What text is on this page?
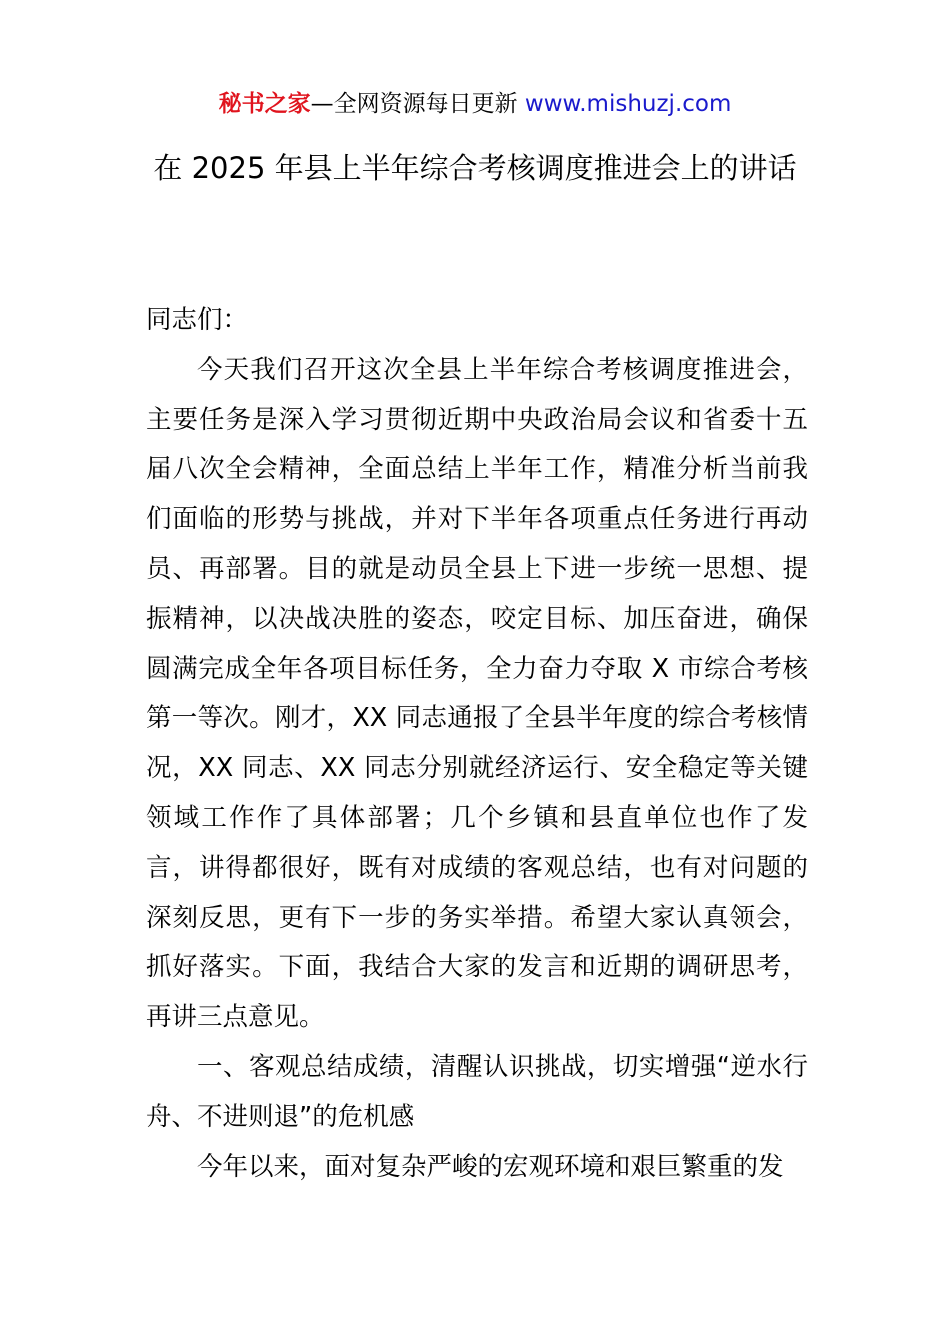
秘书之家—全网资源每日更新 www.mishuzj.com
在 2025 年县上半年综合考核调度推进会上的讲话

同志们：

今天我们召开这次全县上半年综合考核调度推进会，主要任务是深入学习贯彻近期中央政治局会议和省委十五届八次全会精神，全面总结上半年工作，精准分析当前我们面临的形势与挑战，并对下半年各项重点任务进行再动员、再部署。目的就是动员全县上下进一步统一思想、提振精神，以决战决胜的姿态，咬定目标、加压奋进，确保圆满完成全年各项目标任务，全力奋力夺取 X 市综合考核第一等次。刚才，XX 同志通报了全县半年度的综合考核情况，XX 同志、XX 同志分别就经济运行、安全稳定等关键领域工作作了具体部署；几个乡镇和县直单位也作了发言，讲得都很好，既有对成绩的客观总结，也有对问题的深刻反思，更有下一步的务实举措。希望大家认真领会，抓好落实。下面，我结合大家的发言和近期的调研思考，再讲三点意见。

一、客观总结成绩，清醒认识挑战，切实增强“逆水行舟、不进则退”的危机感

今年以来，面对复杂严峻的宏观环境和艰巨繁重的发
